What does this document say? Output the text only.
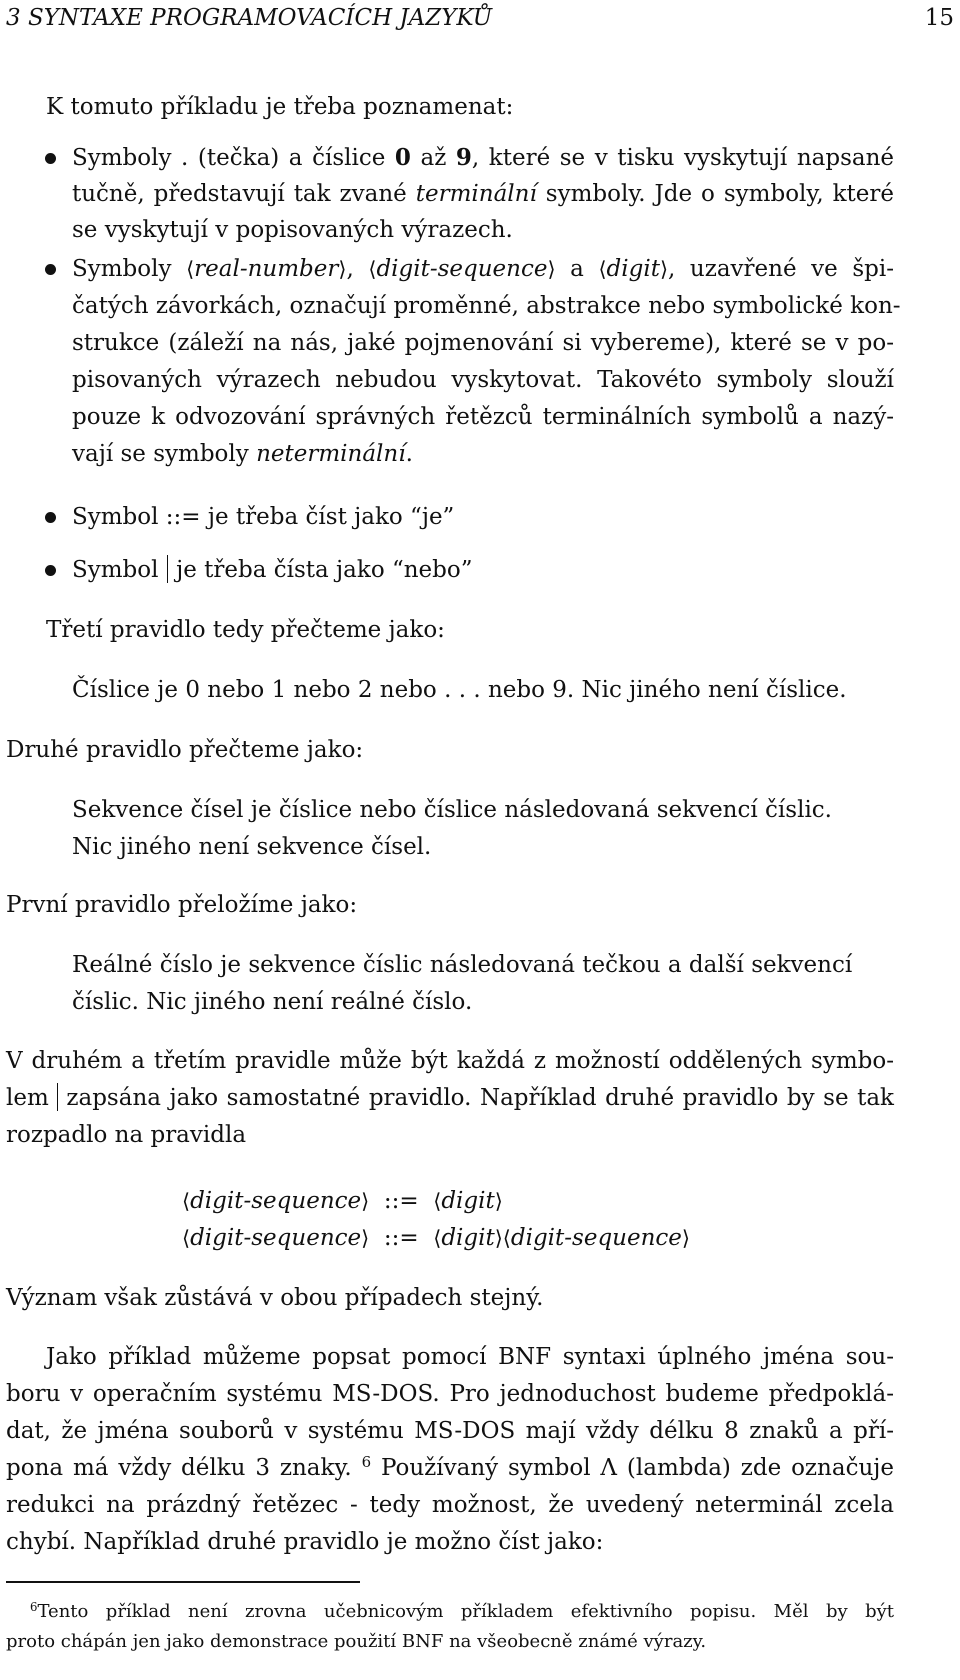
3 SYNTAXE PROGRAMOVACÍCH JAZYKŮ	15
K tomuto příkladu je třeba poznamenat:
Symboly . (tečka) a číslice 0 až 9, které se v tisku vyskytují napsané
tučně, představují tak zvané terminální symboly. Jde o symboly, které
se vyskytují v popisovaných výrazech.
Symboly ⟨real-number⟩, ⟨digit-sequence⟩ a ⟨digit⟩, uzavřené ve špi-
čatých závorkách, označují proměnné, abstrakce nebo symbolické kon-
strukce (záleží na nás, jaké pojmenování si vybereme), které se v po-
pisovaných výrazech nebudou vyskytovat. Takovéto symboly slouží
pouze k odvozování správných řetězců terminálních symbolů a nazý-
vají se symboly neterminální.
Symbol ::= je třeba číst jako “je”
Symbol je třeba čísta jako “nebo”
Třetí pravidlo tedy přečteme jako:
Číslice je 0 nebo 1 nebo 2 nebo . . . nebo 9. Nic jiného není číslice.
Druhé pravidlo přečteme jako:
Sekvence čísel je číslice nebo číslice následovaná sekvencí číslic.
Nic jiného není sekvence čísel.
První pravidlo přeložíme jako:
Reálné číslo je sekvence číslic následovaná tečkou a další sekvencí
číslic. Nic jiného není reálné číslo.
V druhém a třetím pravidle může být každá z možností oddělených symbo-
lem zapsána jako samostatné pravidlo. Například druhé pravidlo by se tak
rozpadlo na pravidla
⟨digit-sequence⟩ ::= ⟨digit⟩
⟨digit-sequence⟩ ::= ⟨digit⟩⟨digit-sequence⟩
Význam však zůstává v obou případech stejný.
Jako příklad můžeme popsat pomocí BNF syntaxi úplného jména sou-
boru v operačním systému MS-DOS. Pro jednoduchost budeme předpoklá-
dat, že jména souborů v systému MS-DOS mají vždy délku 8 znaků a pří-
pona má vždy délku 3 znaky. $^6$ Používaný symbol Λ (lambda) zde označuje
redukci na prázdný řetězec - tedy možnost, že uvedený neterminál zcela
chybí. Například druhé pravidlo je možno číst jako:
$^6$Tento příklad není zrovna učebnicovým příkladem efektivního popisu. Měl by být
proto chápán jen jako demonstrace použití BNF na všeobecně známé výrazy.
